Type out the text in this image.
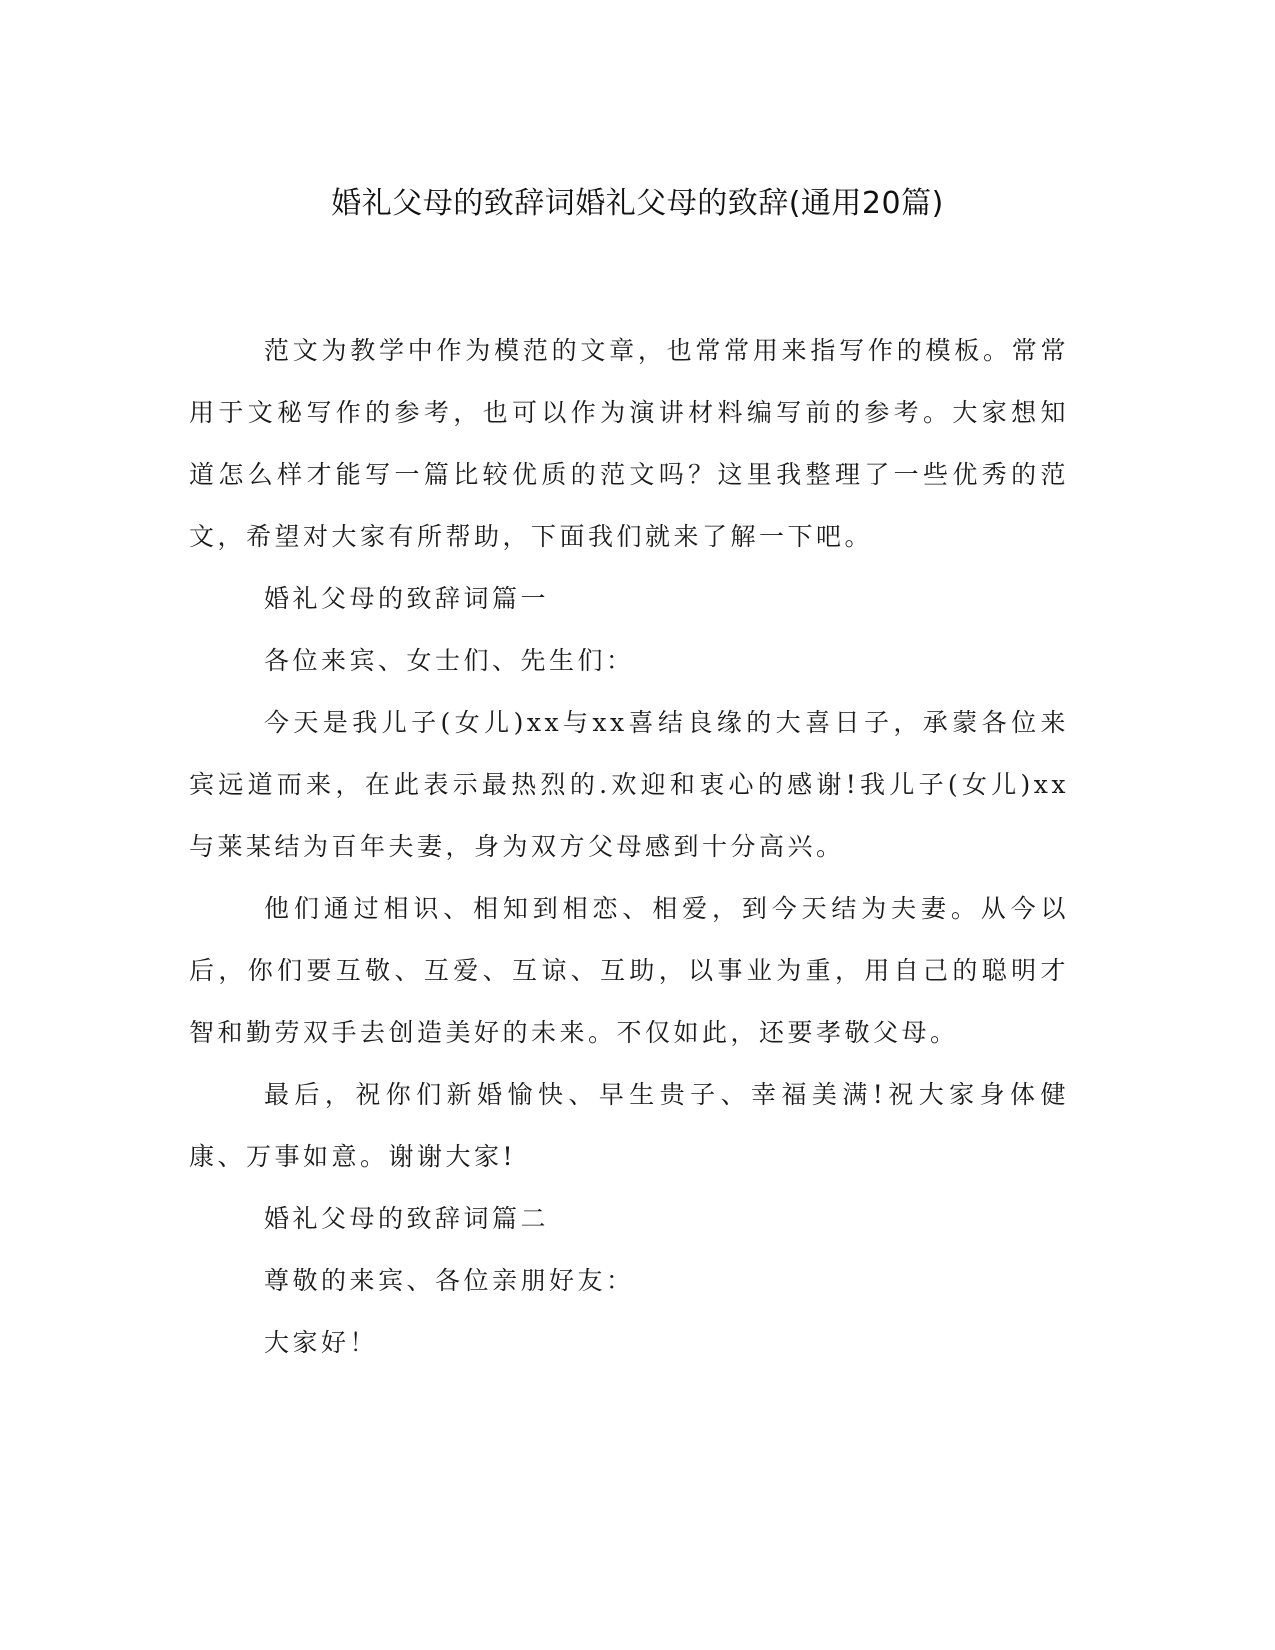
婚礼父母的致辞词婚礼父母的致辞(通用20篇)

范文为教学中作为模范的文章，也常常用来指写作的模板。常常用于文秘写作的参考，也可以作为演讲材料编写前的参考。大家想知道怎么样才能写一篇比较优质的范文吗？这里我整理了一些优秀的范文，希望对大家有所帮助，下面我们就来了解一下吧。

婚礼父母的致辞词篇一

各位来宾、女士们、先生们：

今天是我儿子(女儿)xx与xx喜结良缘的大喜日子，承蒙各位来宾远道而来，在此表示最热烈的.欢迎和衷心的感谢!我儿子(女儿)xx与莱某结为百年夫妻，身为双方父母感到十分高兴。

他们通过相识、相知到相恋、相爱，到今天结为夫妻。从今以后，你们要互敬、互爱、互谅、互助，以事业为重，用自己的聪明才智和勤劳双手去创造美好的未来。不仅如此，还要孝敬父母。

最后，祝你们新婚愉快、早生贵子、幸福美满!祝大家身体健康、万事如意。谢谢大家!

婚礼父母的致辞词篇二

尊敬的来宾、各位亲朋好友：

大家好！
